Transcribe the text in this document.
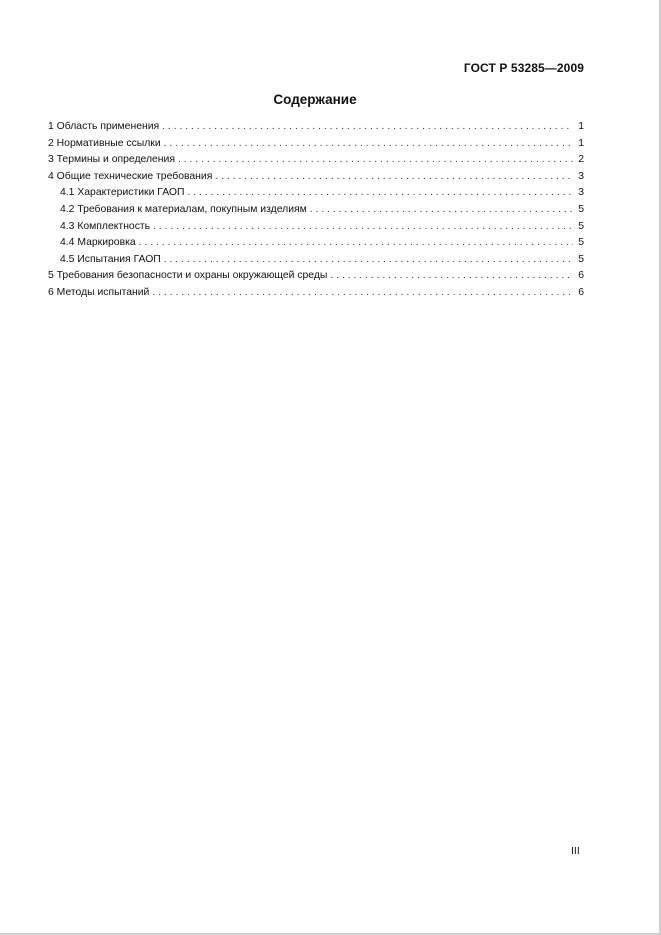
ГОСТ Р 53285—2009
Содержание
1 Область применения . . .	1
2 Нормативные ссылки . . .	1
3 Термины и определения . . .	2
4 Общие технические требования . . .	3
4.1 Характеристики ГАОП . . .	3
4.2 Требования к материалам, покупным изделиям . . .	5
4.3 Комплектность . . .	5
4.4 Маркировка . . .	5
4.5 Испытания ГАОП . . .	5
5 Требования безопасности и охраны окружающей среды . . .	6
6 Методы испытаний . . .	6
III
